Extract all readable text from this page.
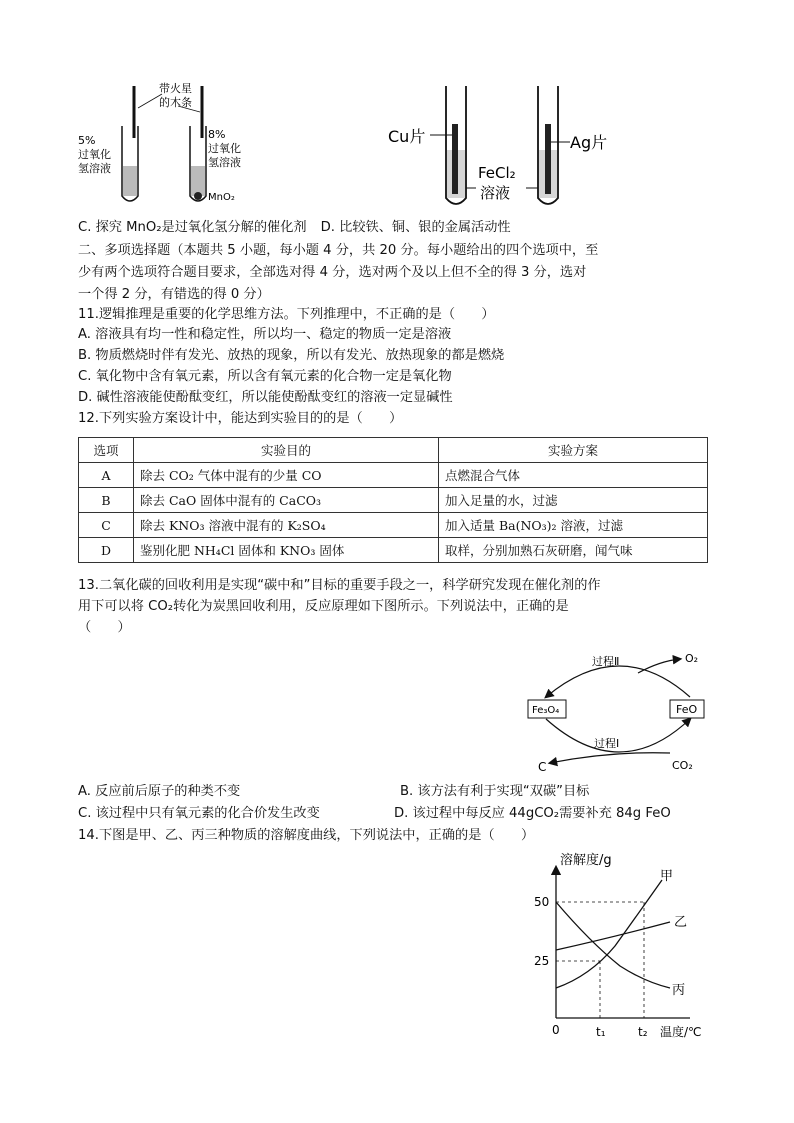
带火星
的木条
5%
过氧化
氢溶液
8%
过氧化
氢溶液
MnO₂
Cu片	Ag片
FeCl₂
溶液
C. 探究 MnO₂是过氧化氢分解的催化剂 D. 比较铁、铜、银的金属活动性
二、多项选择题（本题共 5 小题，每小题 4 分，共 20 分。每小题给出的四个选项中，至
少有两个选项符合题目要求，全部选对得 4 分，选对两个及以上但不全的得 3 分，选对
一个得 2 分，有错选的得 0 分）
11.逻辑推理是重要的化学思维方法。下列推理中，不正确的是（　　）
A. 溶液具有均一性和稳定性，所以均一、稳定的物质一定是溶液
B. 物质燃烧时伴有发光、放热的现象，所以有发光、放热现象的都是燃烧
C. 氧化物中含有氧元素，所以含有氧元素的化合物一定是氧化物
D. 碱性溶液能使酚酞变红，所以能使酚酞变红的溶液一定显碱性
12.下列实验方案设计中，能达到实验目的的是（　　）
选项	实验目的	实验方案
A	除去 CO₂ 气体中混有的少量 CO	点燃混合气体
B	除去 CaO 固体中混有的 CaCO₃	加入足量的水，过滤
C	除去 KNO₃ 溶液中混有的 K₂SO₄	加入适量 Ba(NO₃)₂ 溶液，过滤
D	鉴别化肥 NH₄Cl 固体和 KNO₃ 固体	取样，分别加熟石灰研磨，闻气味
13.二氧化碳的回收利用是实现“碳中和”目标的重要手段之一，科学研究发现在催化剂的作
用下可以将 CO₂转化为炭黑回收利用，反应原理如下图所示。下列说法中，正确的是
（　　）
Fe₃O₄	FeO
过程Ⅱ	O₂
过程Ⅰ
CO₂
C
A. 反应前后原子的种类不变	B. 该方法有利于实现“双碳”目标
C. 该过程中只有氧元素的化合价发生改变	D. 该过程中每反应 44gCO₂需要补充 84g FeO
14.下图是甲、乙、丙三种物质的溶解度曲线，下列说法中，正确的是（　　）
溶解度/g
50
25
0	t₁	t₂ 温度/℃
甲
乙
丙
